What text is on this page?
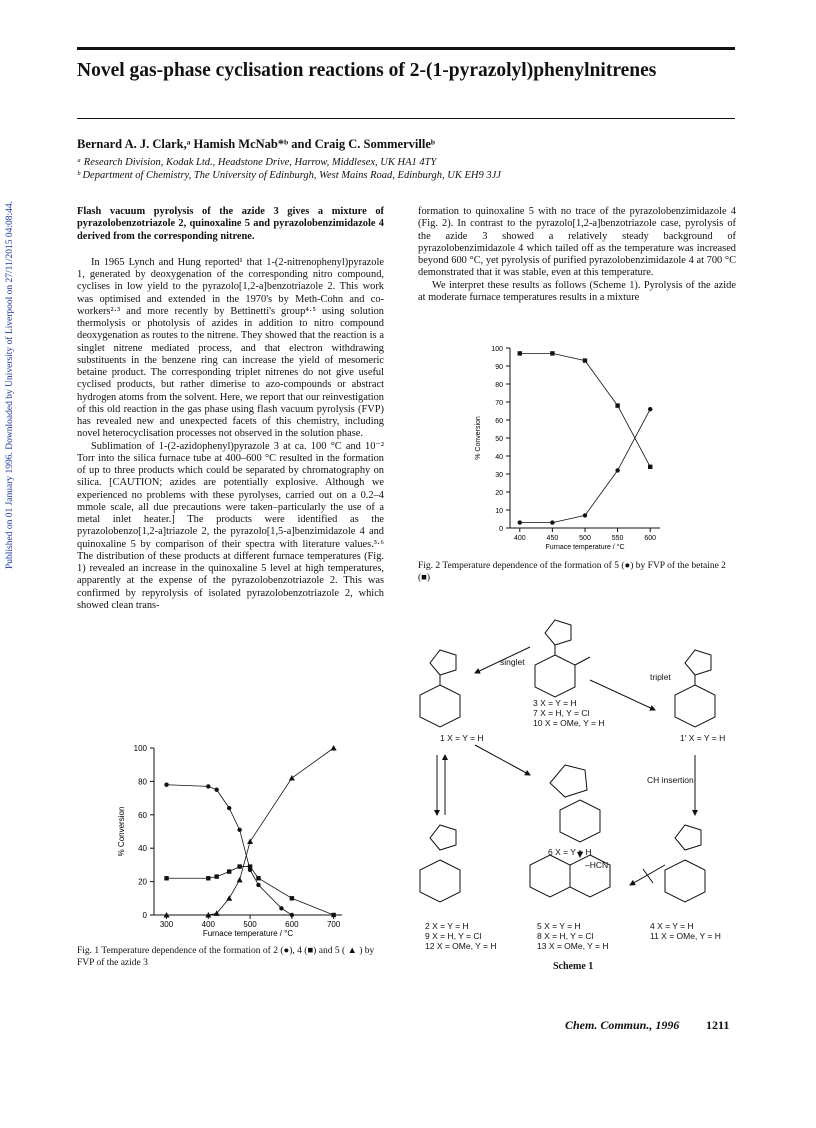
Published on 01 January 1996. Downloaded by University of Liverpool on 27/11/2015 04:08:44.
Novel gas-phase cyclisation reactions of 2-(1-pyrazolyl)phenylnitrenes
Bernard A. J. Clark,ᵃ Hamish McNab*ᵇ and Craig C. Sommervilleᵇ
ᵃ Research Division, Kodak Ltd., Headstone Drive, Harrow, Middlesex, UK HA1 4TY
ᵇ Department of Chemistry, The University of Edinburgh, West Mains Road, Edinburgh, UK EH9 3JJ

Flash vacuum pyrolysis of the azide 3 gives a mixture of pyrazolobenzotriazole 2, quinoxaline 5 and pyrazolobenzimidazole 4 derived from the corresponding nitrene.

In 1965 Lynch and Hung reported¹ that 1-(2-nitrenophenyl)pyrazole 1, generated by deoxygenation of the corresponding nitro compound, cyclises in low yield to the pyrazolo[1,2-a]benzotriazole 2. This work was optimised and extended in the 1970's by Meth-Cohn and co-workers²·³ and more recently by Bettinetti's group⁴·⁵ using solution thermolysis or photolysis of azides in addition to nitro compound deoxygenation as routes to the nitrene. They showed that the reaction is a singlet nitrene mediated process, and that electron withdrawing substituents in the benzene ring can increase the yield of mesomeric betaine product. The corresponding triplet nitrenes do not give useful cyclised products, but rather dimerise to azo-compounds or abstract hydrogen atoms from the solvent. Here, we report that our reinvestigation of this old reaction in the gas phase using flash vacuum pyrolysis (FVP) has revealed new and unexpected facets of this chemistry, including novel heterocyclisation processes not observed in the solution phase.

Sublimation of 1-(2-azidophenyl)pyrazole 3 at ca. 100 °C and 10⁻² Torr into the silica furnace tube at 400–600 °C resulted in the formation of up to three products which could be separated by chromatography on silica. [CAUTION; azides are potentially explosive. Although we experienced no problems with these pyrolyses, carried out on a 0.2–4 mmole scale, all due precautions were taken–particularly the use of a metal inlet heater.] The products were identified as the pyrazolobenzo[1,2-a]triazole 2, the pyrazolo[1,5-a]benzimidazole 4 and quinoxaline 5 by comparison of their spectra with literature values.³·⁶ The distribution of these products at different furnace temperatures (Fig. 1) revealed an increase in the quinoxaline 5 level at high temperatures, apparently at the expense of the pyrazolobenzotriazole 2. This was confirmed by repyrolysis of isolated pyrazolobenzotriazole 2, which showed clean trans-

formation to quinoxaline 5 with no trace of the pyrazolobenzimidazole 4 (Fig. 2). In contrast to the pyrazolo[1,2-a]benzotriazole case, pyrolysis of the azide 3 showed a relatively steady background of pyrazolobenzimidazole 4 which tailed off as the temperature was increased beyond 600 °C, yet pyrolysis of purified pyrazolobenzimidazole 4 at 700 °C demonstrated that it was stable, even at this temperature.

We interpret these results as follows (Scheme 1). Pyrolysis of the azide at moderate furnace temperatures results in a mixture

0
10
20
30
40
50
60
70
80
90
100
400	450	500	550	600
Furnace temperature / °C
% Conversion
Fig. 2 Temperature dependence of the formation of 5 (●) by FVP of the betaine 2 (■)
0
20
40
60
80
100
300	400	500	600	700
Furnace temperature / °C
% Conversion
Fig. 1 Temperature dependence of the formation of 2 (●), 4 (■) and 5 ( ▲ ) by FVP of the azide 3
3 X = Y = H
7 X = H, Y = Cl
10 X = OMe, Y = H
1 X = Y = H	1' X = Y = H
6 X = Y = H
2 X = Y = H
9 X = H, Y = Cl
12 X = OMe, Y = H
5 X = Y = H
8 X = H, Y = Cl
13 X = OMe, Y = H
4 X = Y = H
11 X = OMe, Y = H
singlet
triplet
CH insertion
–HCN
Scheme 1
Chem. Commun., 1996 1211
